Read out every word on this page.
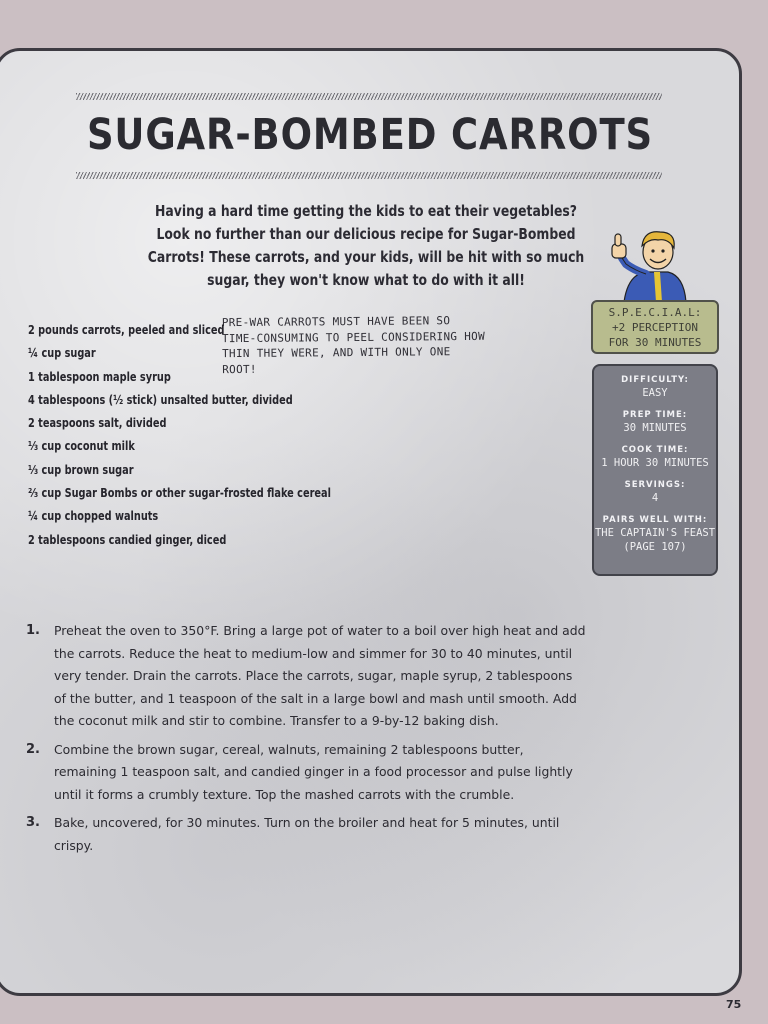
SUGAR-BOMBED CARROTS
Having a hard time getting the kids to eat their vegetables? Look no further than our delicious recipe for Sugar-Bombed Carrots! These carrots, and your kids, will be hit with so much sugar, they won't know what to do with it all!
S.P.E.C.I.A.L:
+2 PERCEPTION
FOR 30 MINUTES
DIFFICULTY:
EASY
PREP TIME:
30 MINUTES
COOK TIME:
1 HOUR 30 MINUTES
SERVINGS:
4
PAIRS WELL WITH:
THE CAPTAIN'S FEAST (PAGE 107)
2 pounds carrots, peeled and sliced
¼ cup sugar
1 tablespoon maple syrup
4 tablespoons (½ stick) unsalted butter, divided
2 teaspoons salt, divided
⅓ cup coconut milk
⅓ cup brown sugar
⅔ cup Sugar Bombs or other sugar-frosted flake cereal
¼ cup chopped walnuts
2 tablespoons candied ginger, diced
PRE-WAR CARROTS MUST HAVE BEEN SO TIME-CONSUMING TO PEEL CONSIDERING HOW THIN THEY WERE, AND WITH ONLY ONE ROOT!
1.	Preheat the oven to 350°F. Bring a large pot of water to a boil over high heat and add the carrots. Reduce the heat to medium-low and simmer for 30 to 40 minutes, until very tender. Drain the carrots. Place the carrots, sugar, maple syrup, 2 tablespoons of the butter, and 1 teaspoon of the salt in a large bowl and mash until smooth. Add the coconut milk and stir to combine. Transfer to a 9-by-12 baking dish.
2.	Combine the brown sugar, cereal, walnuts, remaining 2 tablespoons butter, remaining 1 teaspoon salt, and candied ginger in a food processor and pulse lightly until it forms a crumbly texture. Top the mashed carrots with the crumble.
3.	Bake, uncovered, for 30 minutes. Turn on the broiler and heat for 5 minutes, until crispy.
75
